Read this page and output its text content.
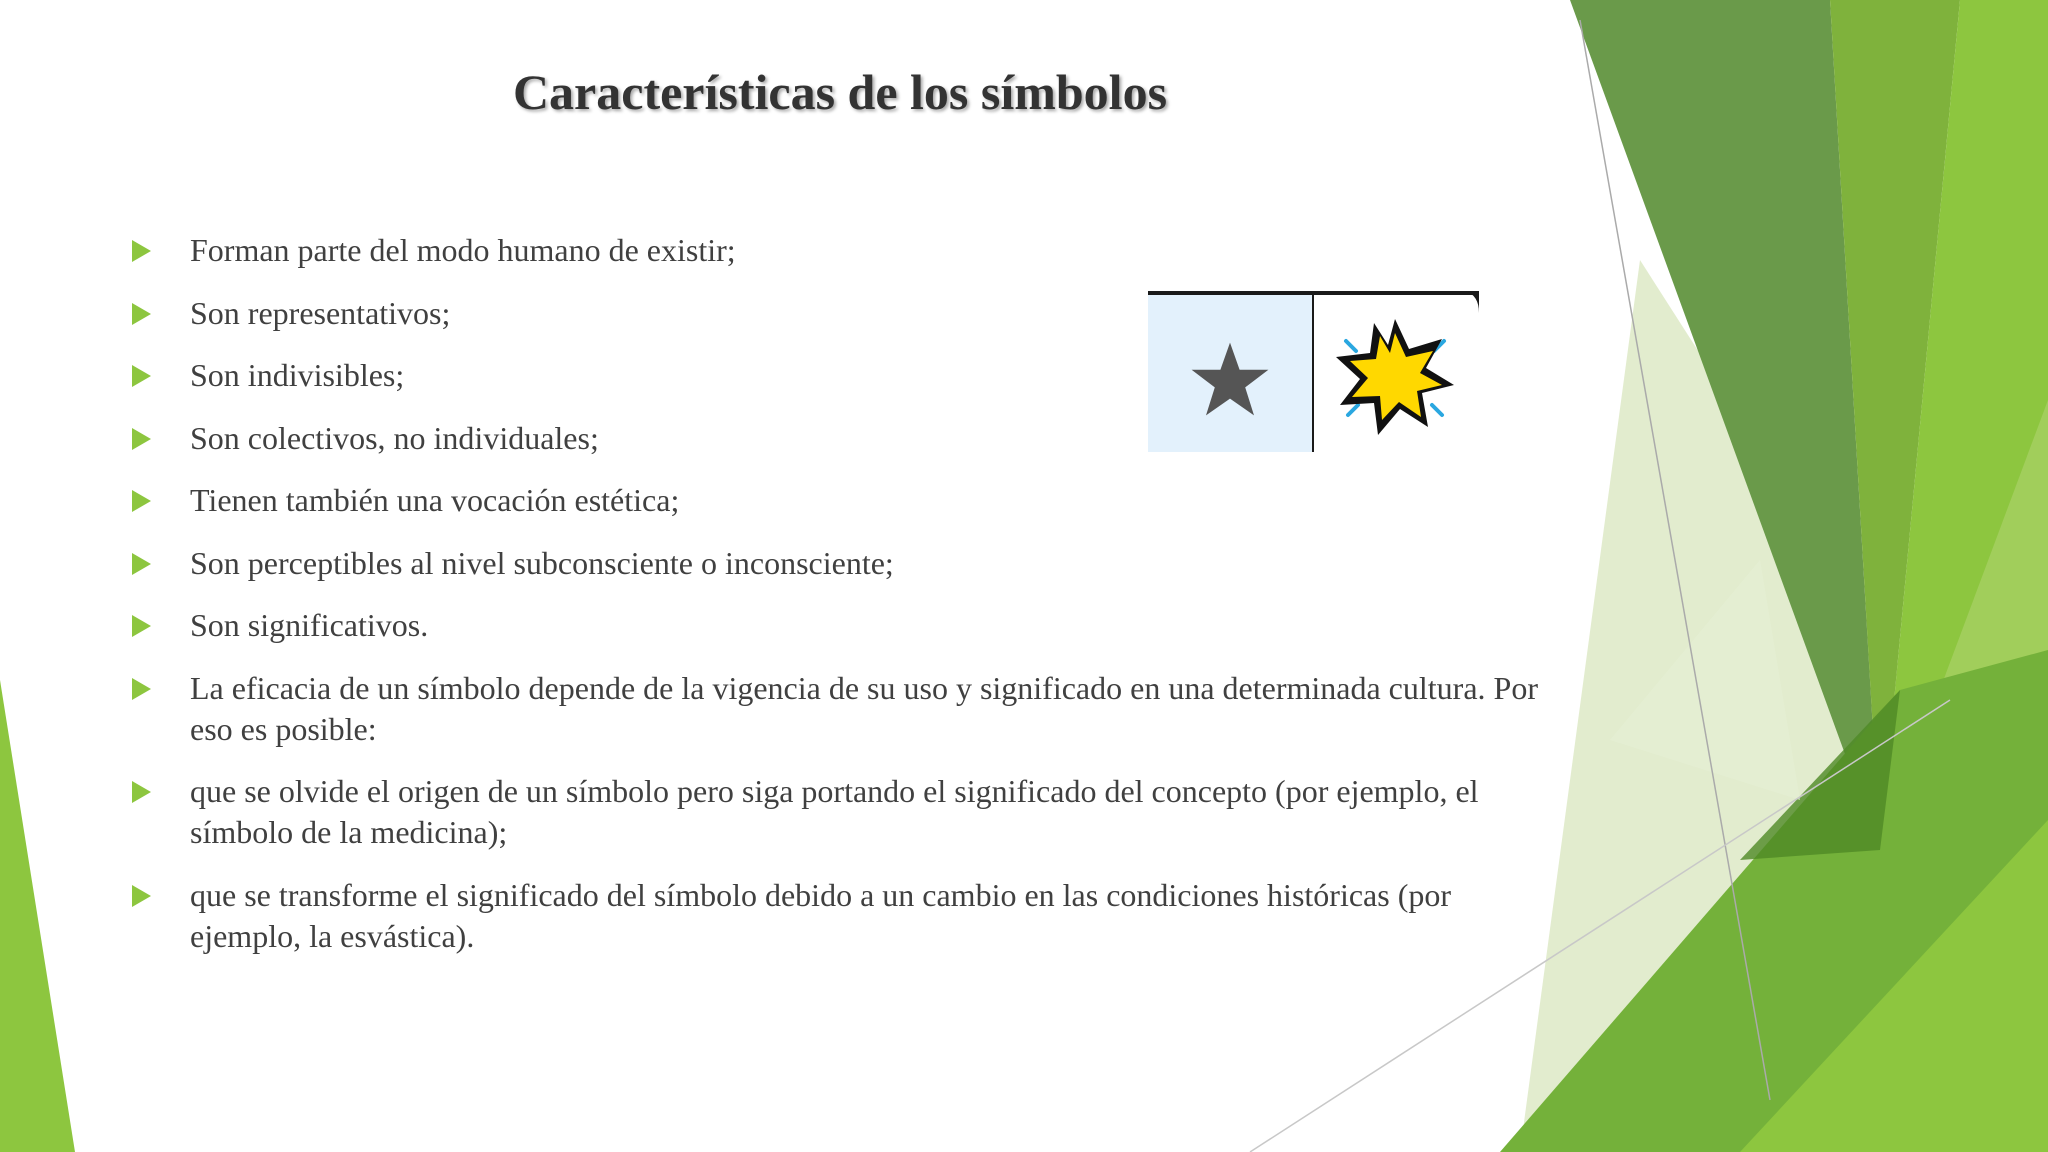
Características de los símbolos
Forman parte del modo humano de existir;
Son representativos;
Son indivisibles;
Son colectivos, no individuales;
Tienen también una vocación estética;
Son perceptibles al nivel subconsciente o inconsciente;
Son significativos.
La eficacia de un símbolo depende de la vigencia de su uso y significado en una determinada cultura. Por eso es posible:
que se olvide el origen de un símbolo pero siga portando el significado del concepto (por ejemplo, el símbolo de la medicina);
que se transforme el significado del símbolo debido a un cambio en las condiciones históricas (por ejemplo, la esvástica).
